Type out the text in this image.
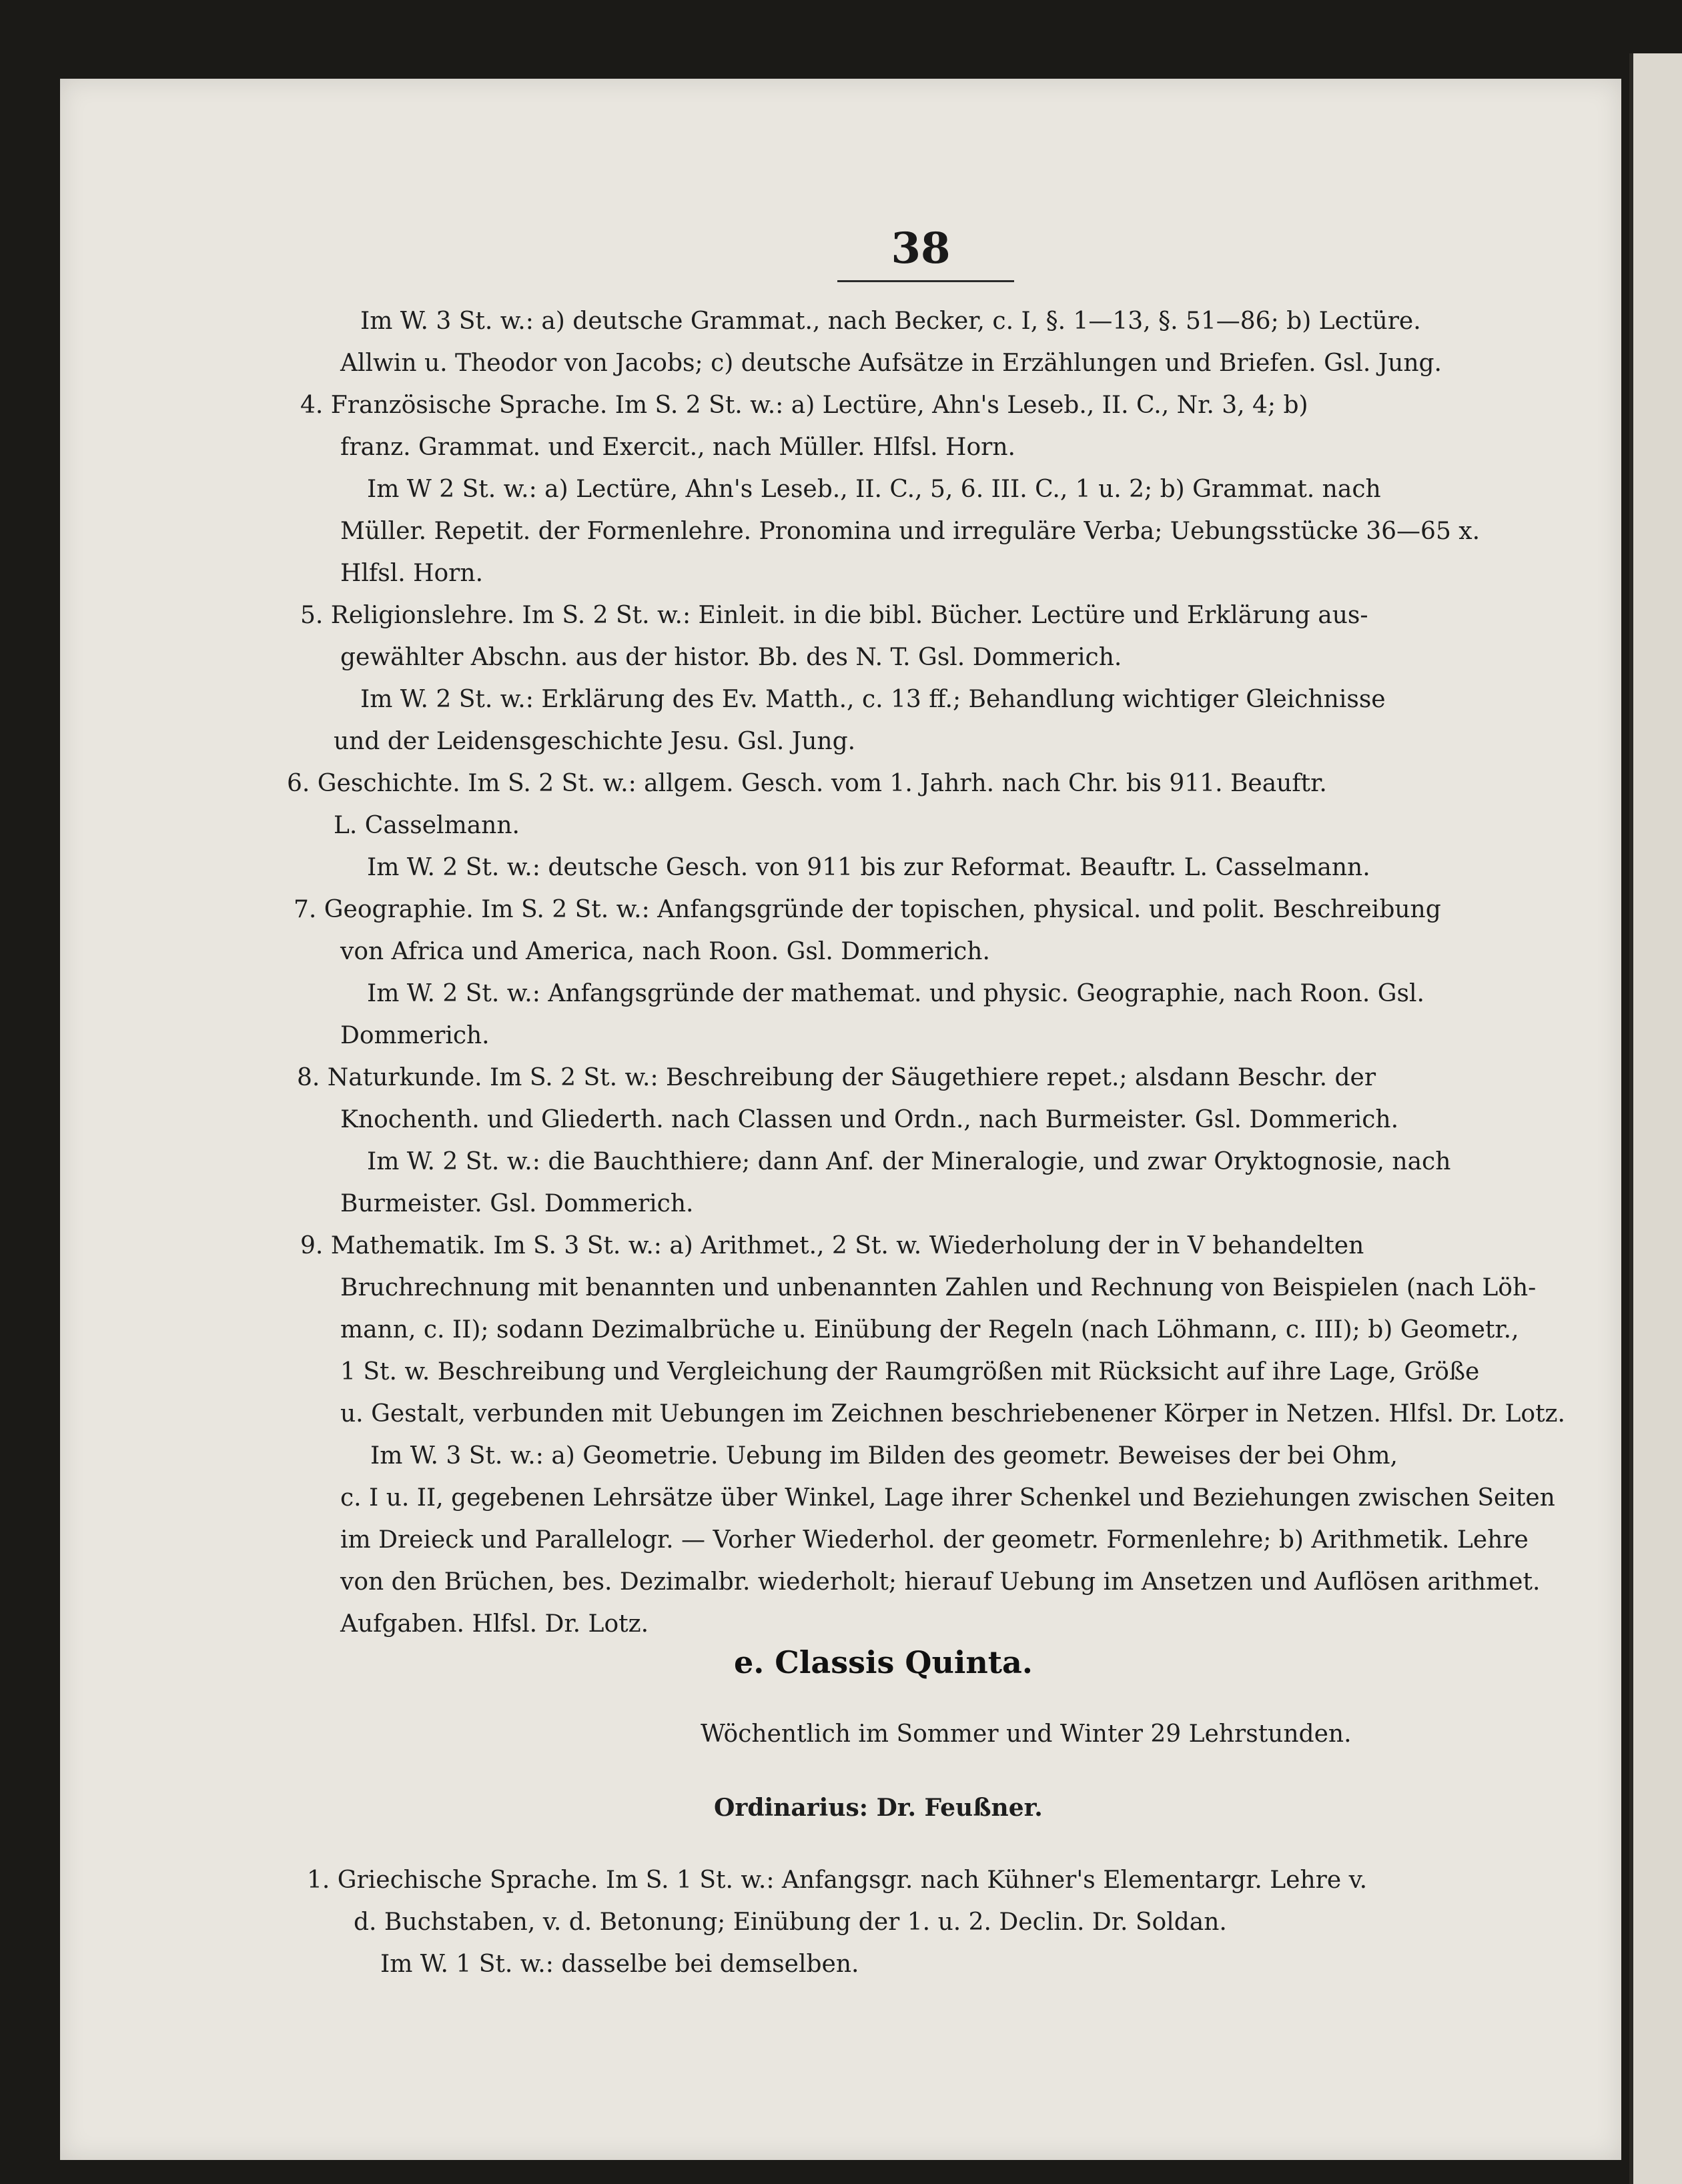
38
Im W. 3 St. w.: a) deutsche Grammat., nach Becker, c. I, §. 1—13, §. 51—86; b) Lectüre.
Allwin u. Theodor von Jacobs; c) deutsche Aufsätze in Erzählungen und Briefen. Gsl. Jung.
4. Französische Sprache. Im S. 2 St. w.: a) Lectüre, Ahn's Leseb., II. C., Nr. 3, 4; b)
franz. Grammat. und Exercit., nach Müller. Hlfsl. Horn.
Im W 2 St. w.: a) Lectüre, Ahn's Leseb., II. C., 5, 6. III. C., 1 u. 2; b) Grammat. nach
Müller. Repetit. der Formenlehre. Pronomina und irreguläre Verba; Uebungsstücke 36—65 x.
Hlfsl. Horn.
5. Religionslehre. Im S. 2 St. w.: Einleit. in die bibl. Bücher. Lectüre und Erklärung aus-
gewählter Abschn. aus der histor. Bb. des N. T. Gsl. Dommerich.
Im W. 2 St. w.: Erklärung des Ev. Matth., c. 13 ff.; Behandlung wichtiger Gleichnisse
und der Leidensgeschichte Jesu. Gsl. Jung.
6. Geschichte. Im S. 2 St. w.: allgem. Gesch. vom 1. Jahrh. nach Chr. bis 911. Beauftr.
L. Casselmann.
Im W. 2 St. w.: deutsche Gesch. von 911 bis zur Reformat. Beauftr. L. Casselmann.
7. Geographie. Im S. 2 St. w.: Anfangsgründe der topischen, physical. und polit. Beschreibung
von Africa und America, nach Roon. Gsl. Dommerich.
Im W. 2 St. w.: Anfangsgründe der mathemat. und physic. Geographie, nach Roon. Gsl.
Dommerich.
8. Naturkunde. Im S. 2 St. w.: Beschreibung der Säugethiere repet.; alsdann Beschr. der
Knochenth. und Gliederth. nach Classen und Ordn., nach Burmeister. Gsl. Dommerich.
Im W. 2 St. w.: die Bauchthiere; dann Anf. der Mineralogie, und zwar Oryktognosie, nach
Burmeister. Gsl. Dommerich.
9. Mathematik. Im S. 3 St. w.: a) Arithmet., 2 St. w. Wiederholung der in V behandelten
Bruchrechnung mit benannten und unbenannten Zahlen und Rechnung von Beispielen (nach Löh-
mann, c. II); sodann Dezimalbrüche u. Einübung der Regeln (nach Löhmann, c. III); b) Geometr.,
1 St. w. Beschreibung und Vergleichung der Raumgrößen mit Rücksicht auf ihre Lage, Größe
u. Gestalt, verbunden mit Uebungen im Zeichnen beschriebenener Körper in Netzen. Hlfsl. Dr. Lotz.
Im W. 3 St. w.: a) Geometrie. Uebung im Bilden des geometr. Beweises der bei Ohm,
c. I u. II, gegebenen Lehrsätze über Winkel, Lage ihrer Schenkel und Beziehungen zwischen Seiten
im Dreieck und Parallelogr. — Vorher Wiederhol. der geometr. Formenlehre; b) Arithmetik. Lehre
von den Brüchen, bes. Dezimalbr. wiederholt; hierauf Uebung im Ansetzen und Auflösen arithmet.
Aufgaben. Hlfsl. Dr. Lotz.
e. Classis Quinta.
Wöchentlich im Sommer und Winter 29 Lehrstunden.
Ordinarius: Dr. Feußner.
1. Griechische Sprache. Im S. 1 St. w.: Anfangsgr. nach Kühner's Elementargr. Lehre v.
d. Buchstaben, v. d. Betonung; Einübung der 1. u. 2. Declin. Dr. Soldan.
Im W. 1 St. w.: dasselbe bei demselben.
